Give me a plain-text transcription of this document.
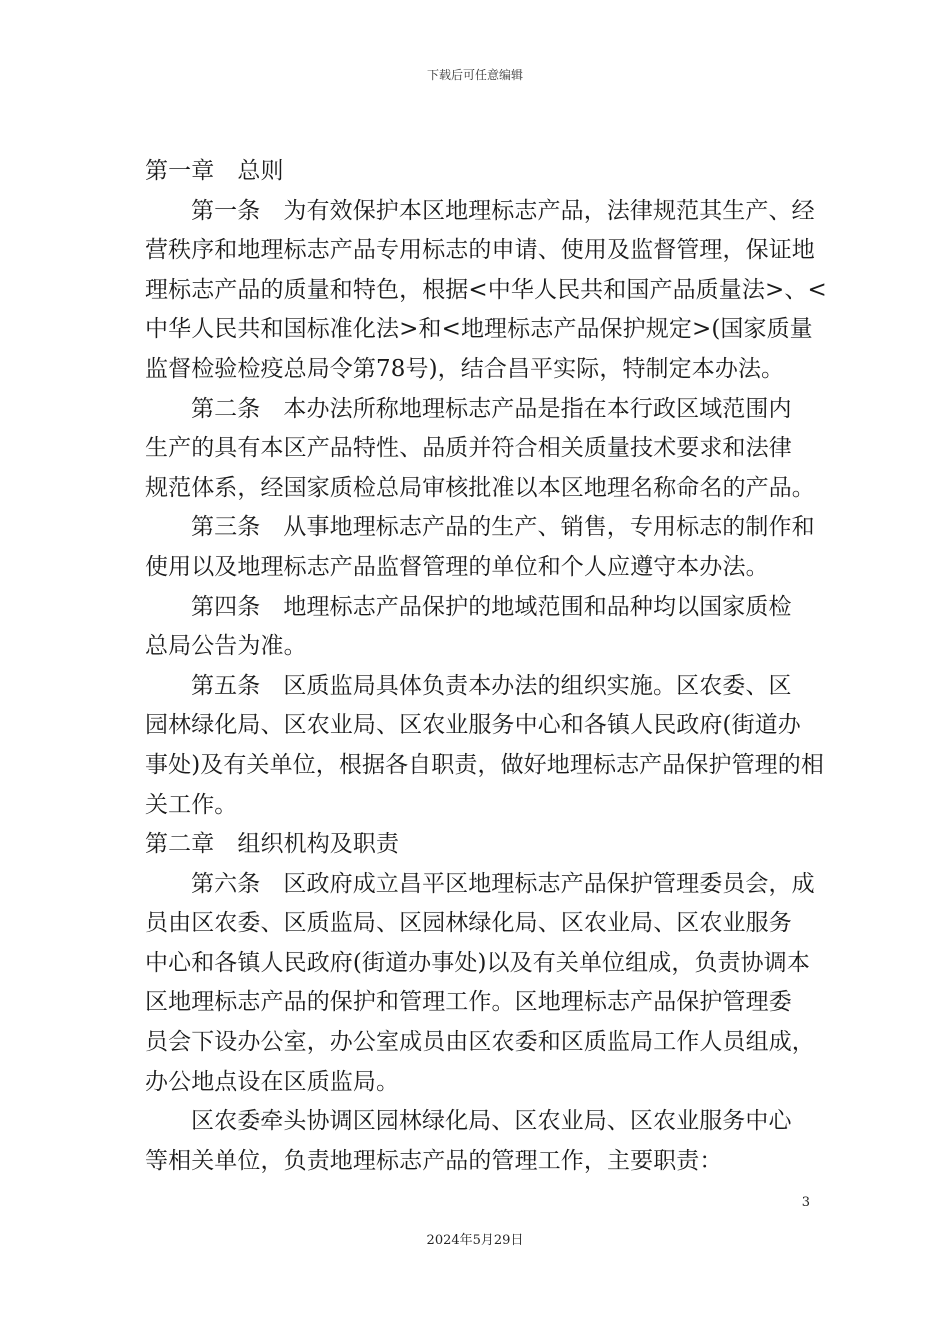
下载后可任意编辑
第一章　总则
第一条　为有效保护本区地理标志产品，法律规范其生产、经
营秩序和地理标志产品专用标志的申请、使用及监督管理，保证地
理标志产品的质量和特色，根据<中华人民共和国产品质量法>、<
中华人民共和国标准化法>和<地理标志产品保护规定>(国家质量
监督检验检疫总局令第78号)，结合昌平实际，特制定本办法。
第二条　本办法所称地理标志产品是指在本行政区域范围内
生产的具有本区产品特性、品质并符合相关质量技术要求和法律
规范体系，经国家质检总局审核批准以本区地理名称命名的产品。
第三条　从事地理标志产品的生产、销售，专用标志的制作和
使用以及地理标志产品监督管理的单位和个人应遵守本办法。
第四条　地理标志产品保护的地域范围和品种均以国家质检
总局公告为准。
第五条　区质监局具体负责本办法的组织实施。区农委、区
园林绿化局、区农业局、区农业服务中心和各镇人民政府(街道办
事处)及有关单位，根据各自职责，做好地理标志产品保护管理的相
关工作。
第二章　组织机构及职责
第六条　区政府成立昌平区地理标志产品保护管理委员会，成
员由区农委、区质监局、区园林绿化局、区农业局、区农业服务
中心和各镇人民政府(街道办事处)以及有关单位组成，负责协调本
区地理标志产品的保护和管理工作。区地理标志产品保护管理委
员会下设办公室，办公室成员由区农委和区质监局工作人员组成，
办公地点设在区质监局。
区农委牵头协调区园林绿化局、区农业局、区农业服务中心
等相关单位，负责地理标志产品的管理工作，主要职责：
3
2024年5月29日
